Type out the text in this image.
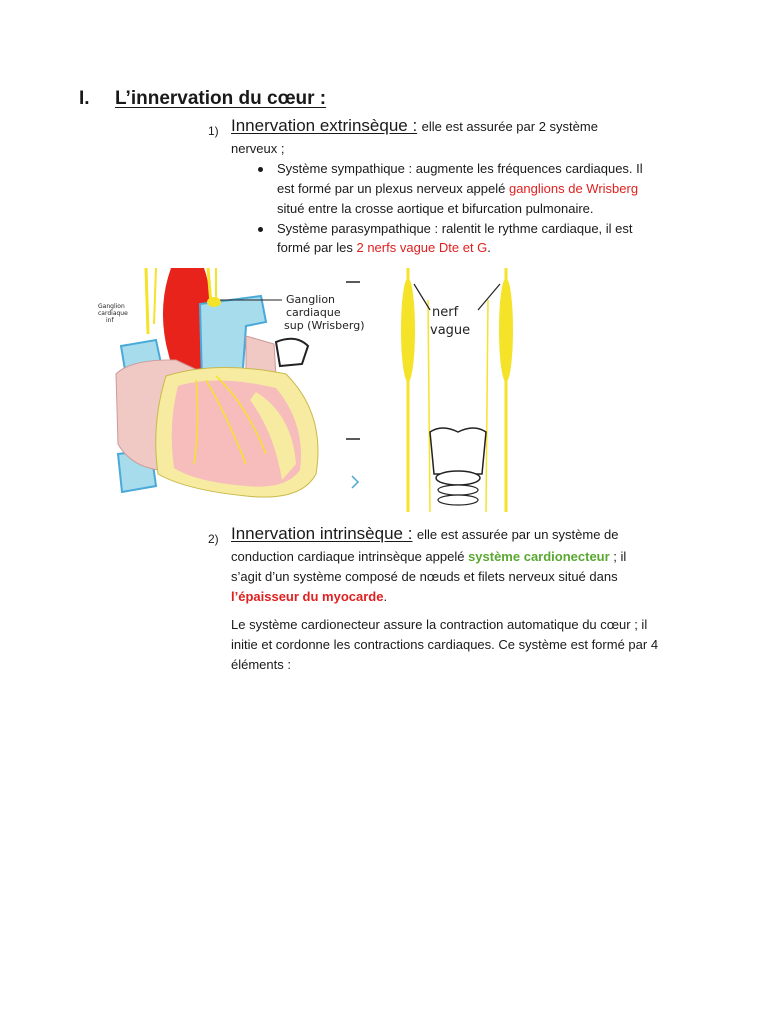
I. L’innervation du cœur :
1) Innervation extrinsèque : elle est assurée par 2 système
nerveux ;
Système sympathique : augmente les fréquences cardiaques. Il
est formé par un plexus nerveux appelé ganglions de Wrisberg
situé entre la crosse aortique et bifurcation pulmonaire.
Système parasympathique : ralentit le rythme cardiaque, il est
formé par les 2 nerfs vague Dte et G.
Ganglion
cardiaque
inf
Ganglion
cardiaque
sup (Wrisberg)
nerf
vague
2) Innervation intrinsèque : elle est assurée par un système de
conduction cardiaque intrinsèque appelé système cardionecteur ; il
s’agit d’un système composé de nœuds et filets nerveux situé dans
l’épaisseur du myocarde.
Le système cardionecteur assure la contraction automatique du cœur ; il
initie et cordonne les contractions cardiaques. Ce système est formé par 4
éléments :
